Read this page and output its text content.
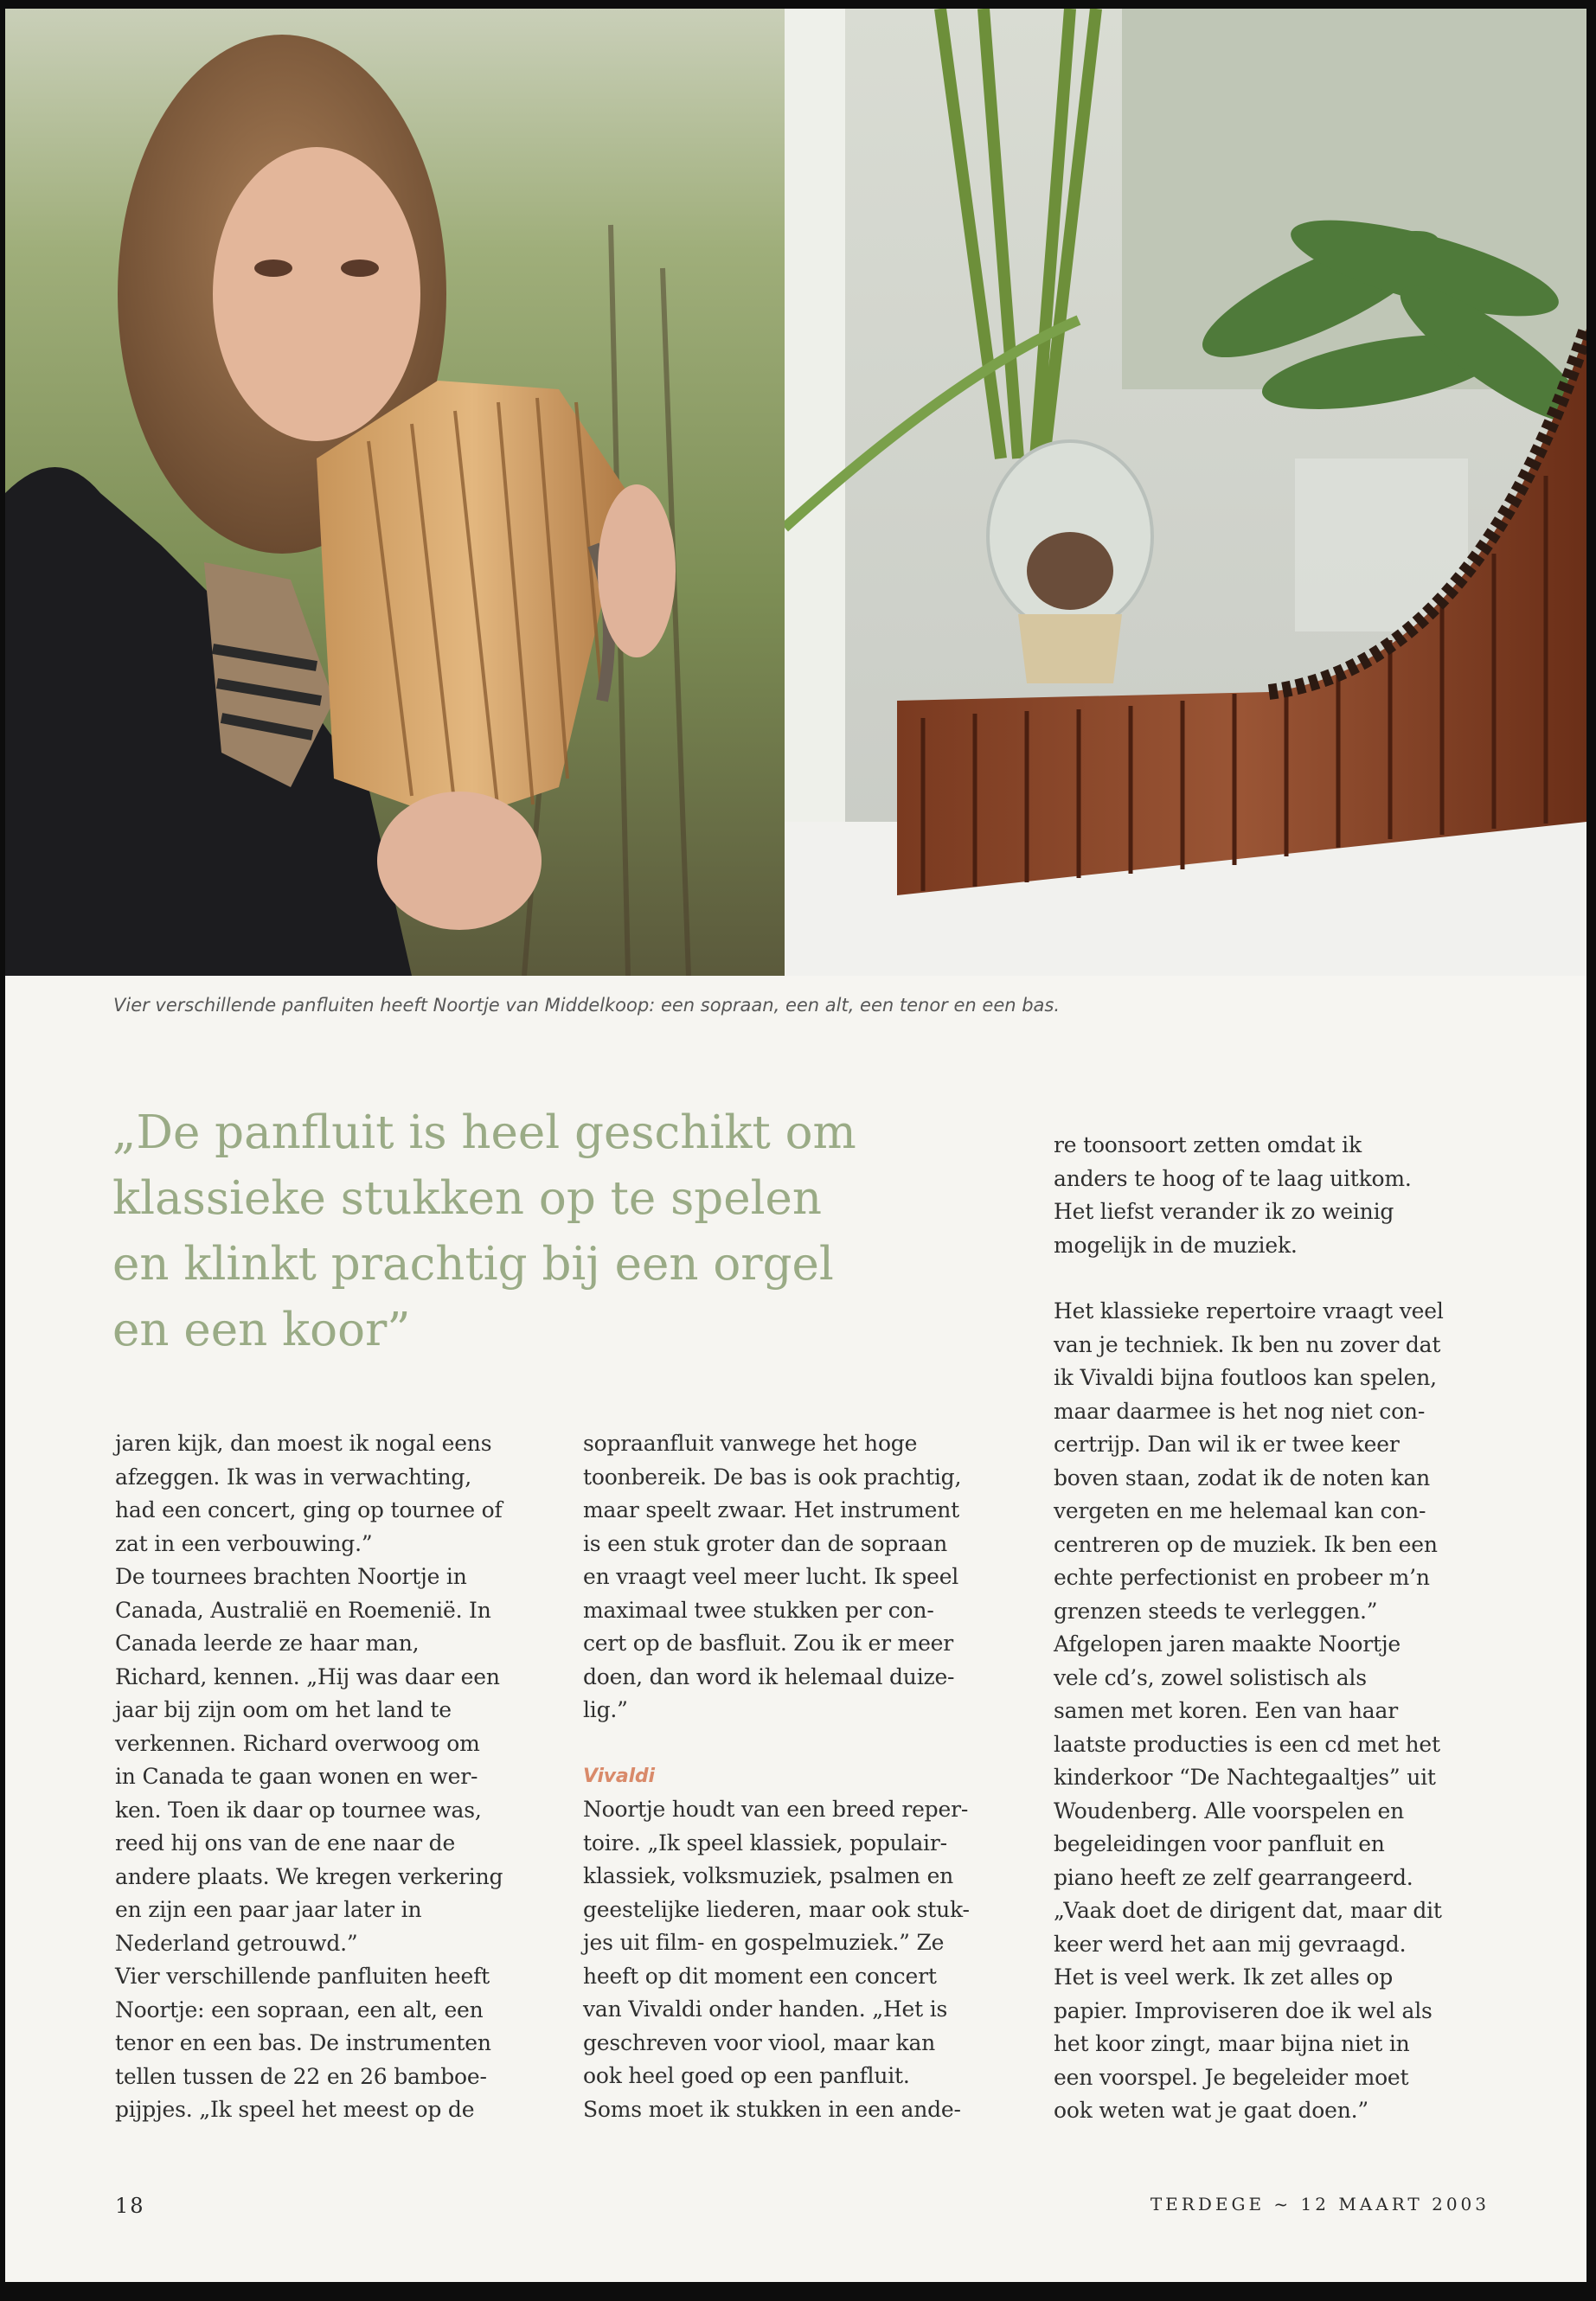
Vier verschillende panfluiten heeft Noortje van Middelkoop: een sopraan, een alt, een tenor en een bas.
„De panfluit is heel geschikt om klassieke stukken op te spelen en klinkt prachtig bij een orgel en een koor”

jaren kijk, dan moest ik nogal eens
afzeggen. Ik was in verwachting,
had een concert, ging op tournee of
zat in een verbouwing.”

De tournees brachten Noortje in
Canada, Australië en Roemenië. In
Canada leerde ze haar man,
Richard, kennen. „Hij was daar een
jaar bij zijn oom om het land te
verkennen. Richard overwoog om
in Canada te gaan wonen en wer-
ken. Toen ik daar op tournee was,
reed hij ons van de ene naar de
andere plaats. We kregen verkering
en zijn een paar jaar later in
Nederland getrouwd.”

Vier verschillende panfluiten heeft
Noortje: een sopraan, een alt, een
tenor en een bas. De instrumenten
tellen tussen de 22 en 26 bamboe-
pijpjes. „Ik speel het meest op de

sopraanfluit vanwege het hoge
toonbereik. De bas is ook prachtig,
maar speelt zwaar. Het instrument
is een stuk groter dan de sopraan
en vraagt veel meer lucht. Ik speel
maximaal twee stukken per con-
cert op de basfluit. Zou ik er meer
doen, dan word ik helemaal duize-
lig.”

Vivaldi

Noortje houdt van een breed reper-
toire. „Ik speel klassiek, populair-
klassiek, volksmuziek, psalmen en
geestelijke liederen, maar ook stuk-
jes uit film- en gospelmuziek.” Ze
heeft op dit moment een concert
van Vivaldi onder handen. „Het is
geschreven voor viool, maar kan
ook heel goed op een panfluit.
Soms moet ik stukken in een ande-

re toonsoort zetten omdat ik
anders te hoog of te laag uitkom.
Het liefst verander ik zo weinig
mogelijk in de muziek.

Het klassieke repertoire vraagt veel
van je techniek. Ik ben nu zover dat
ik Vivaldi bijna foutloos kan spelen,
maar daarmee is het nog niet con-
certrijp. Dan wil ik er twee keer
boven staan, zodat ik de noten kan
vergeten en me helemaal kan con-
centreren op de muziek. Ik ben een
echte perfectionist en probeer m’n
grenzen steeds te verleggen.”

Afgelopen jaren maakte Noortje
vele cd’s, zowel solistisch als
samen met koren. Een van haar
laatste producties is een cd met het
kinderkoor “De Nachtegaaltjes” uit
Woudenberg. Alle voorspelen en
begeleidingen voor panfluit en
piano heeft ze zelf gearrangeerd.
„Vaak doet de dirigent dat, maar dit
keer werd het aan mij gevraagd.
Het is veel werk. Ik zet alles op
papier. Improviseren doe ik wel als
het koor zingt, maar bijna niet in
een voorspel. Je begeleider moet
ook weten wat je gaat doen.”

18	TERDEGE ~ 12 MAART 2003
